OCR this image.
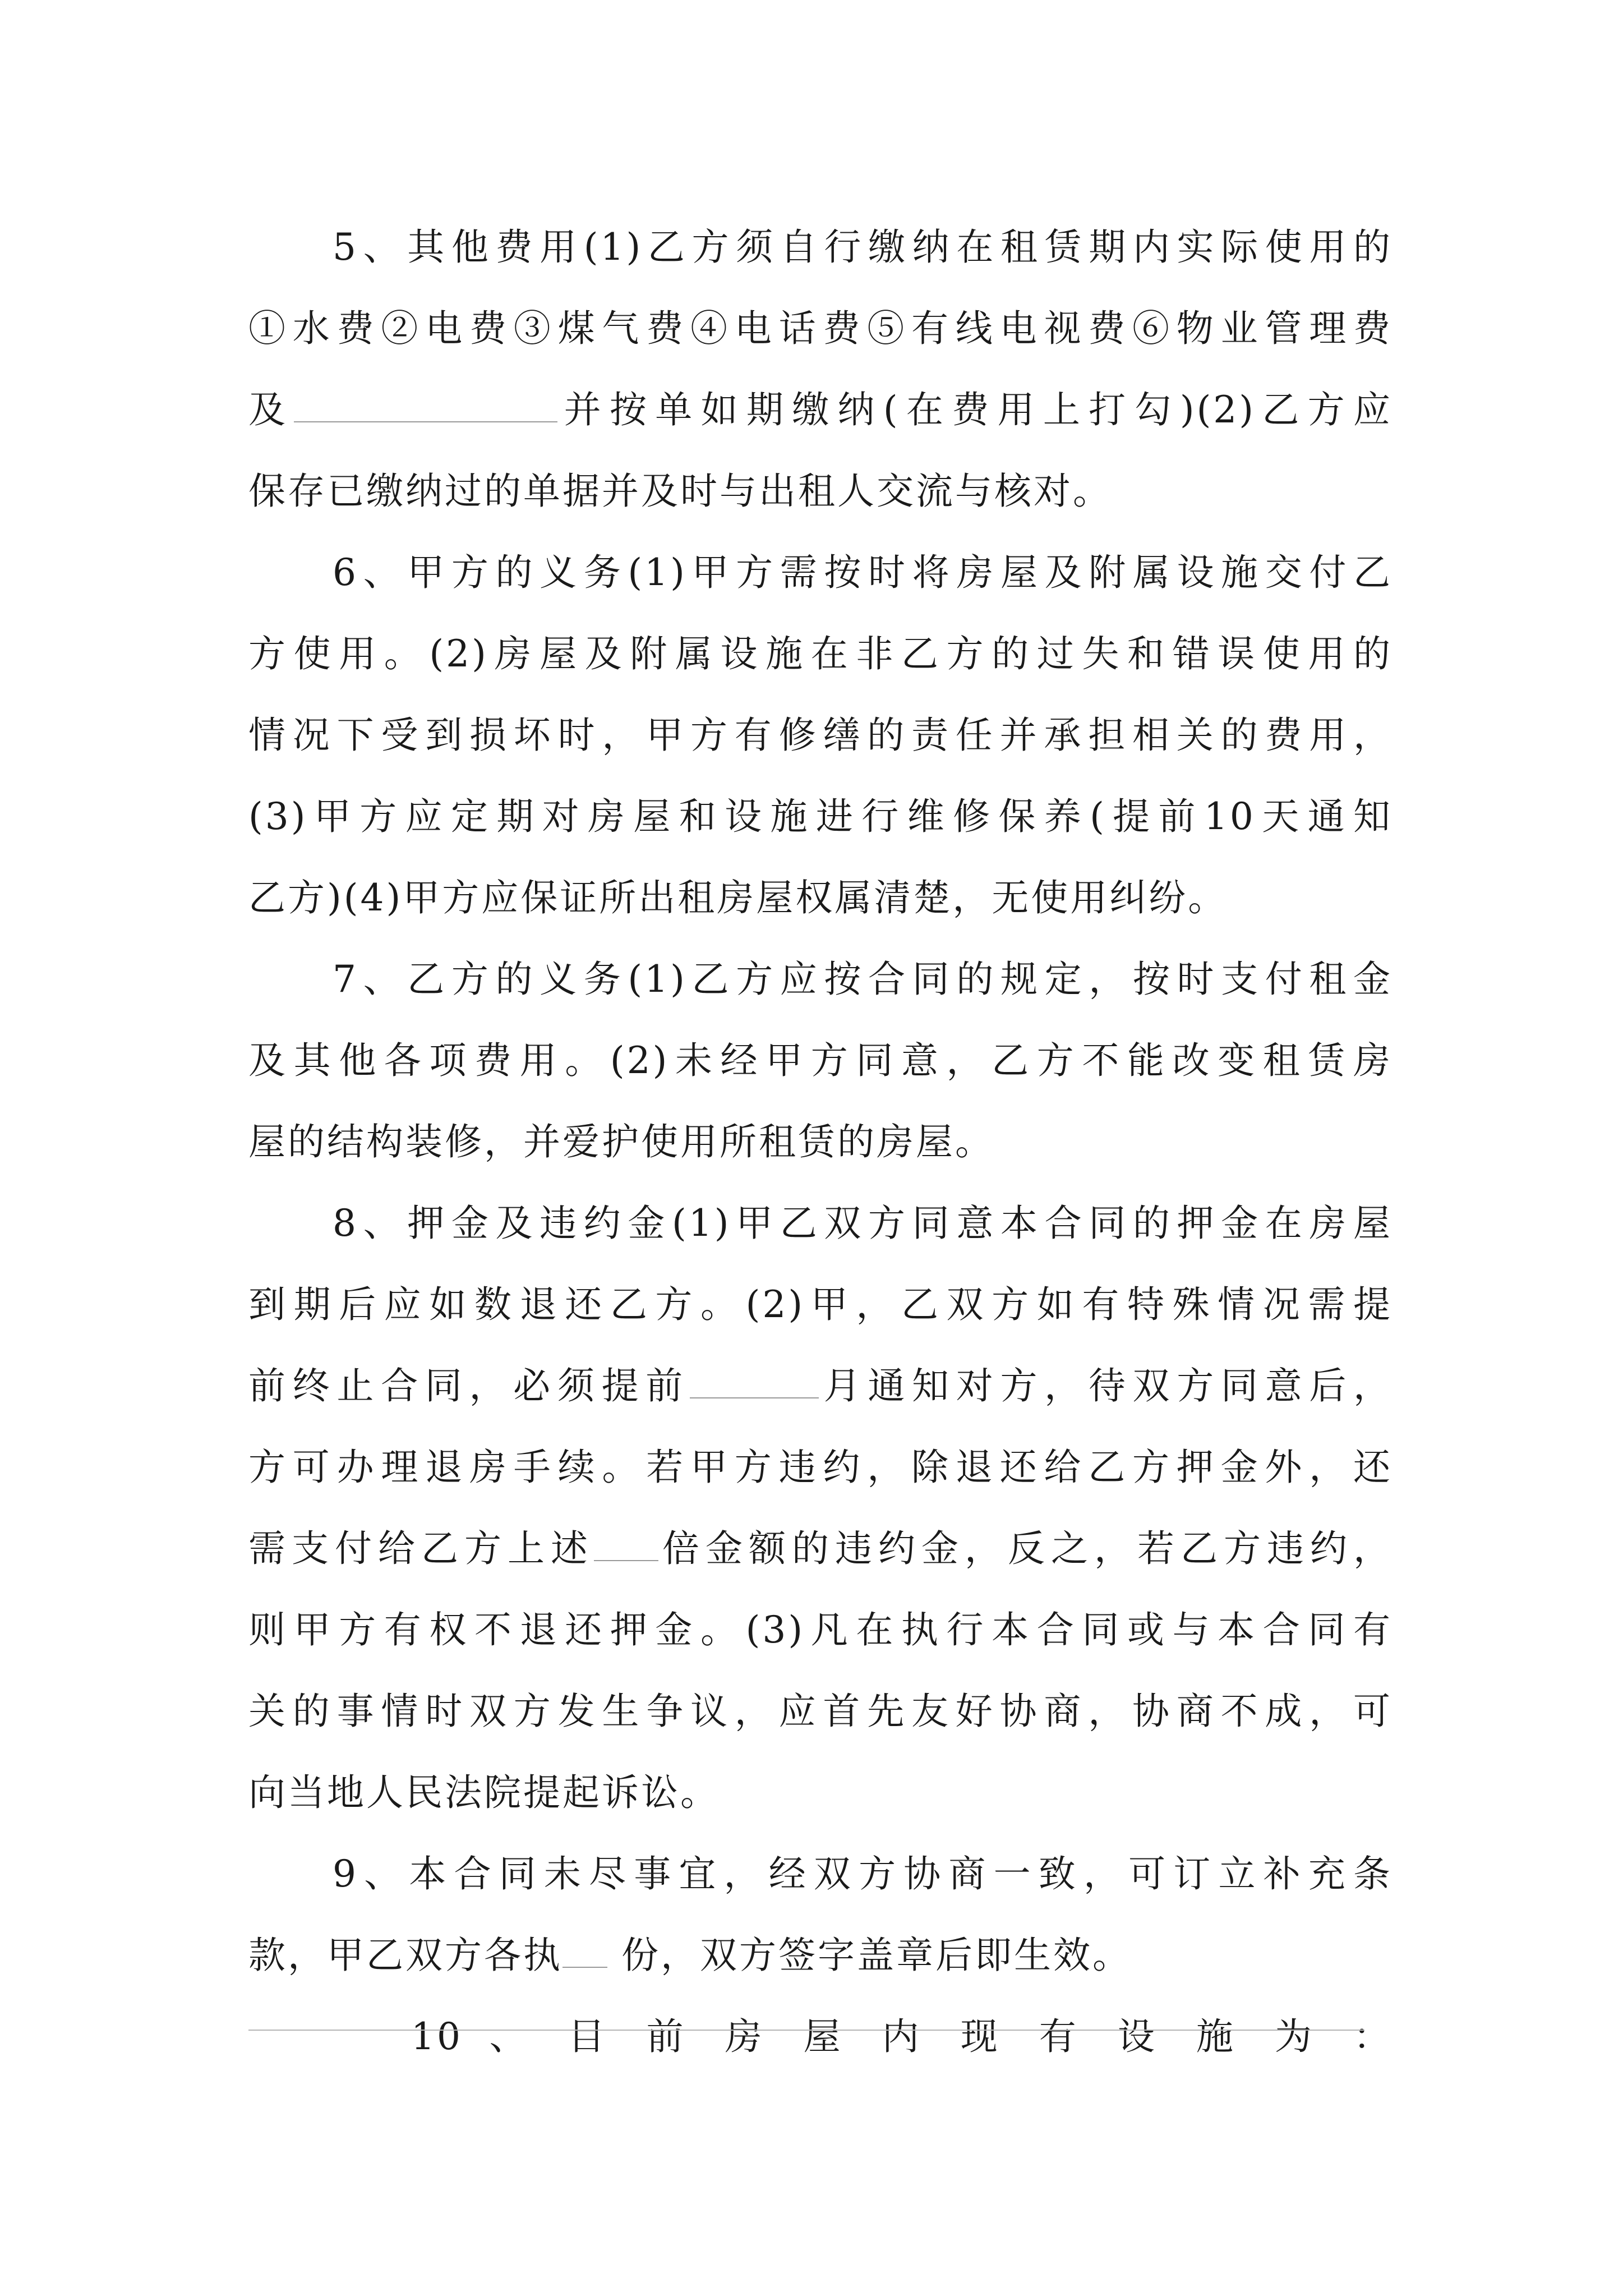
5、其他费用(1)乙方须自行缴纳在租赁期内实际使用的
①水费②电费③煤气费④电话费⑤有线电视费⑥物业管理费
及	并按单如期缴纳(在费用上打勾)(2)乙方应
保存已缴纳过的单据并及时与出租人交流与核对。
6、甲方的义务(1)甲方需按时将房屋及附属设施交付乙
方使用。(2)房屋及附属设施在非乙方的过失和错误使用的
情况下受到损坏时，甲方有修缮的责任并承担相关的费用，
(3)甲方应定期对房屋和设施进行维修保养(提前10天通知
乙方)(4)甲方应保证所出租房屋权属清楚，无使用纠纷。
7、乙方的义务(1)乙方应按合同的规定，按时支付租金
及其他各项费用。(2)未经甲方同意，乙方不能改变租赁房
屋的结构装修，并爱护使用所租赁的房屋。
8、押金及违约金(1)甲乙双方同意本合同的押金在房屋
到期后应如数退还乙方。(2)甲，乙双方如有特殊情况需提
前终止合同，必须提前	月通知对方，待双方同意后，
方可办理退房手续。若甲方违约，除退还给乙方押金外，还
需支付给乙方上述 倍金额的违约金，反之，若乙方违约，
则甲方有权不退还押金。(3)凡在执行本合同或与本合同有
关的事情时双方发生争议，应首先友好协商，协商不成，可
向当地人民法院提起诉讼。
9、本合同未尽事宜，经双方协商一致，可订立补充条
款，甲乙双方各执 份，双方签字盖章后即生效。
10 、 目 前 房 屋 内 现 有 设 施 为 ：
